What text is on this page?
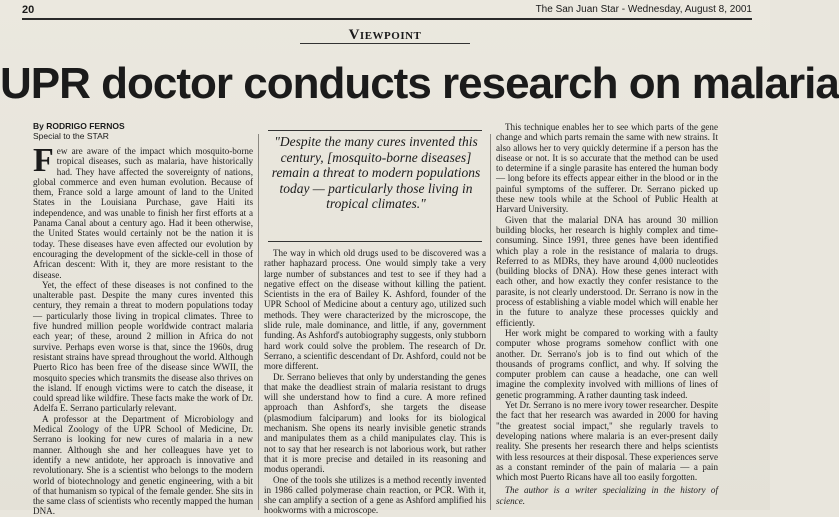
20	The San Juan Star - Wednesday, August 8, 2001
Viewpoint
UPR doctor conducts research on malaria
By RODRIGO FERNOS
Special to the STAR	"Despite the many cures invented this century, [mosquito-borne diseases] remain a threat to modern populations today — particularly those living in tropical climates."

Few are aware of the impact which mosquito-borne tropical diseases, such as malaria, have historically had. They have affected the sovereignty of nations, global commerce and even human evolution. Because of them, France sold a large amount of land to the United States in the Louisiana Purchase, gave Haiti its independence, and was unable to finish her first efforts at a Panama Canal about a century ago. Had it been otherwise, the United States would certainly not be the nation it is today. These diseases have even affected our evolution by encouraging the development of the sickle-cell in those of African descent: With it, they are more resistant to the disease.

Yet, the effect of these diseases is not confined to the unalterable past. Despite the many cures invented this century, they remain a threat to modern populations today — particularly those living in tropical climates. Three to five hundred million people worldwide contract malaria each year; of these, around 2 million in Africa do not survive. Perhaps even worse is that, since the 1960s, drug resistant strains have spread throughout the world. Although Puerto Rico has been free of the disease since WWII, the mosquito species which transmits the disease also thrives on the island. If enough victims were to catch the disease, it could spread like wildfire. These facts make the work of Dr. Adelfa E. Serrano particularly relevant.

A professor at the Department of Microbiology and Medical Zoology of the UPR School of Medicine, Dr. Serrano is looking for new cures of malaria in a new manner. Although she and her colleagues have yet to identify a new antidote, her approach is innovative and revolutionary. She is a scientist who belongs to the modern world of biotechnology and genetic engineering, with a bit of that humanism so typical of the female gender. She sits in the same class of scientists who recently mapped the human DNA.

The way in which old drugs used to be discovered was a rather haphazard process. One would simply take a very large number of substances and test to see if they had a negative effect on the disease without killing the patient. Scientists in the era of Bailey K. Ashford, founder of the UPR School of Medicine about a century ago, utilized such methods. They were characterized by the microscope, the slide rule, male dominance, and little, if any, government funding. As Ashford's autobiography suggests, only stubborn hard work could solve the problem. The research of Dr. Serrano, a scientific descendant of Dr. Ashford, could not be more different.

Dr. Serrano believes that only by understanding the genes that make the deadliest strain of malaria resistant to drugs will she understand how to find a cure. A more refined approach than Ashford's, she targets the disease (plasmodium falciparum) and looks for its biological mechanism. She opens its nearly invisible genetic strands and manipulates them as a child manipulates clay. This is not to say that her research is not laborious work, but rather that it is more precise and detailed in its reasoning and modus operandi.

One of the tools she utilizes is a method recently invented in 1986 called polymerase chain reaction, or PCR. With it, she can amplify a section of a gene as Ashford amplified his hookworms with a microscope.

This technique enables her to see which parts of the gene change and which parts remain the same with new strains. It also allows her to very quickly determine if a person has the disease or not. It is so accurate that the method can be used to determine if a single parasite has entered the human body — long before its effects appear either in the blood or in the painful symptoms of the sufferer. Dr. Serrano picked up these new tools while at the School of Public Health at Harvard University.

Given that the malarial DNA has around 30 million building blocks, her research is highly complex and time-consuming. Since 1991, three genes have been identified which play a role in the resistance of malaria to drugs. Referred to as MDRs, they have around 4,000 nucleotides (building blocks of DNA). How these genes interact with each other, and how exactly they confer resistance to the parasite, is not clearly understood. Dr. Serrano is now in the process of establishing a viable model which will enable her in the future to analyze these processes quickly and efficiently.

Her work might be compared to working with a faulty computer whose programs somehow conflict with one another. Dr. Serrano's job is to find out which of the thousands of programs conflict, and why. If solving the computer problem can cause a headache, one can well imagine the complexity involved with millions of lines of genetic programming. A rather daunting task indeed.

Yet Dr. Serrano is no mere ivory tower researcher. Despite the fact that her research was awarded in 2000 for having "the greatest social impact," she regularly travels to developing nations where malaria is an ever-present daily reality. She presents her research there and helps scientists with less resources at their disposal. These experiences serve as a constant reminder of the pain of malaria — a pain which most Puerto Ricans have all too easily forgotten.

The author is a writer specializing in the history of science.
